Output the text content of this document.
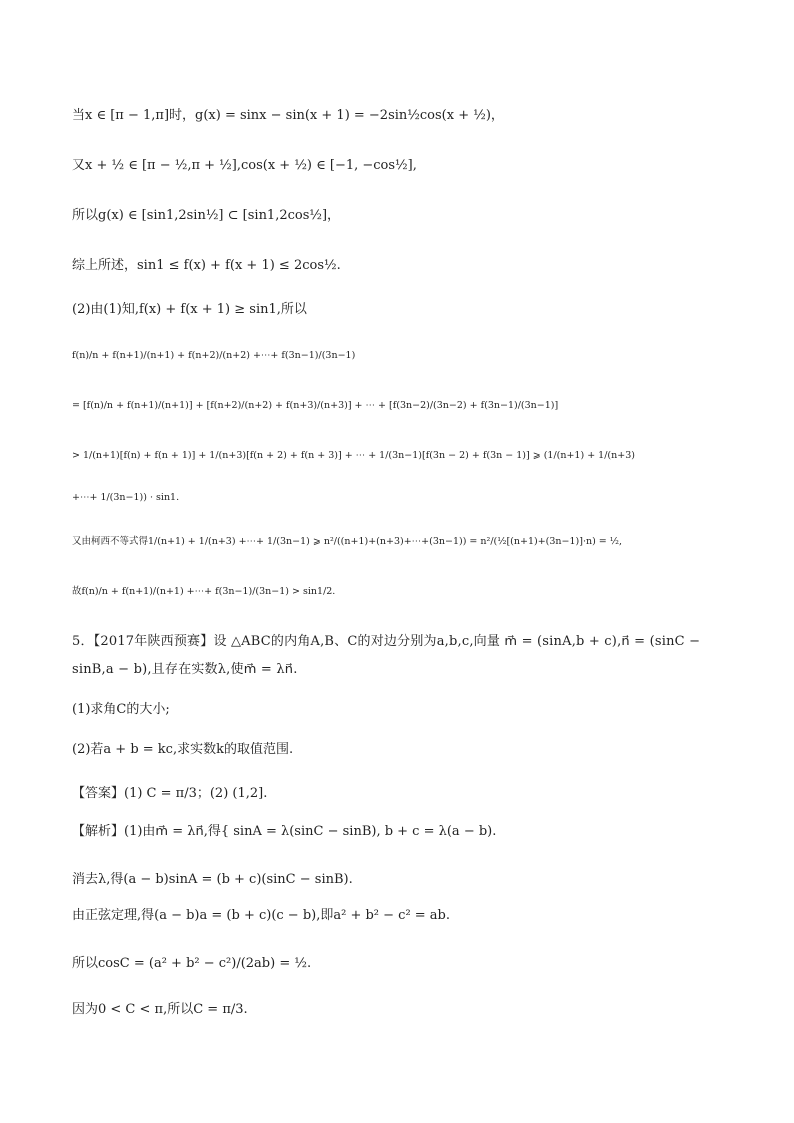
当x ∈ [π − 1,π]时，g(x) = sinx − sin(x + 1) = −2sin½cos(x + ½)，
又x + ½ ∈ [π − ½,π + ½],cos(x + ½) ∈ [−1, −cos½],
所以g(x) ∈ [sin1,2sin½] ⊂ [sin1,2cos½]，
综上所述，sin1 ≤ f(x) + f(x + 1) ≤ 2cos½.
(2)由(1)知,f(x) + f(x + 1) ≥ sin1,所以
f(n)/n + f(n+1)/(n+1) + f(n+2)/(n+2) +⋯+ f(3n−1)/(3n−1)
= [f(n)/n + f(n+1)/(n+1)] + [f(n+2)/(n+2) + f(n+3)/(n+3)] + ⋯ + [f(3n−2)/(3n−2) + f(3n−1)/(3n−1)]
> 1/(n+1)[f(n) + f(n + 1)] + 1/(n+3)[f(n + 2) + f(n + 3)] + ⋯ + 1/(3n−1)[f(3n − 2) + f(3n − 1)] ⩾ (1/(n+1) + 1/(n+3)
+⋯+ 1/(3n−1)) · sin1.
又由柯西不等式得1/(n+1) + 1/(n+3) +⋯+ 1/(3n−1) ⩾ n²/((n+1)+(n+3)+⋯+(3n−1)) = n²/(½[(n+1)+(3n−1)]·n) = ½,
故f(n)/n + f(n+1)/(n+1) +⋯+ f(3n−1)/(3n−1) > sin1/2.
5．【2017年陕西预赛】设 △ABC的内角A,B、C的对边分别为a,b,c,向量 m⃗ = (sinA,b + c),n⃗ = (sinC − sinB,a − b),且存在实数λ,使m⃗ = λn⃗.
(1)求角C的大小;
(2)若a + b = kc,求实数k的取值范围.
【答案】(1) C = π/3；(2) (1,2].
【解析】(1)由m⃗ = λn⃗,得{ sinA = λ(sinC − sinB), b + c = λ(a − b).
消去λ,得(a − b)sinA = (b + c)(sinC − sinB).
由正弦定理,得(a − b)a = (b + c)(c − b),即a² + b² − c² = ab.
所以cosC = (a² + b² − c²)/(2ab) = ½.
因为0 < C < π,所以C = π/3.
